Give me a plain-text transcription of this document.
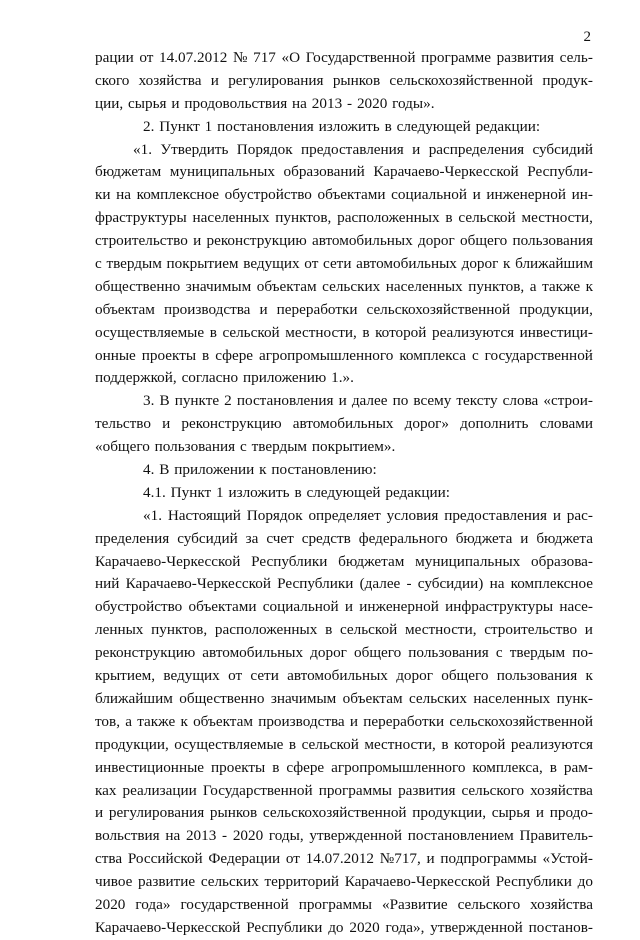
2
рации от 14.07.2012 № 717 «О Государственной программе развития сель-
ского хозяйства и регулирования рынков сельскохозяйственной продук-
ции, сырья и продовольствия на 2013 - 2020 годы».
2. Пункт 1 постановления изложить в следующей редакции:
«1. Утвердить Порядок предоставления и распределения субсидий
бюджетам муниципальных образований Карачаево-Черкесской Республи-
ки на комплексное обустройство объектами социальной и инженерной ин-
фраструктуры населенных пунктов, расположенных в сельской местности,
строительство и реконструкцию автомобильных дорог общего пользования
с твердым покрытием ведущих от сети автомобильных дорог к ближайшим
общественно значимым объектам сельских населенных пунктов, а также к
объектам производства и переработки сельскохозяйственной продукции,
осуществляемые в сельской местности, в которой реализуются инвестици-
онные проекты в сфере агропромышленного комплекса с государственной
поддержкой, согласно приложению 1.».
3. В пункте 2 постановления и далее по всему тексту слова «строи-
тельство и реконструкцию автомобильных дорог» дополнить словами
«общего пользования с твердым покрытием».
4. В приложении к постановлению:
4.1. Пункт 1 изложить в следующей редакции:
«1. Настоящий Порядок определяет условия предоставления и рас-
пределения субсидий за счет средств федерального бюджета и бюджета
Карачаево-Черкесской Республики бюджетам муниципальных образова-
ний Карачаево-Черкесской Республики (далее - субсидии) на комплексное
обустройство объектами социальной и инженерной инфраструктуры насе-
ленных пунктов, расположенных в сельской местности, строительство и
реконструкцию автомобильных дорог общего пользования с твердым по-
крытием, ведущих от сети автомобильных дорог общего пользования к
ближайшим общественно значимым объектам сельских населенных пунк-
тов, а также к объектам производства и переработки сельскохозяйственной
продукции, осуществляемые в сельской местности, в которой реализуются
инвестиционные проекты в сфере агропромышленного комплекса, в рам-
ках реализации Государственной программы развития сельского хозяйства
и регулирования рынков сельскохозяйственной продукции, сырья и продо-
вольствия на 2013 - 2020 годы, утвержденной постановлением Правитель-
ства Российской Федерации от 14.07.2012 №717, и подпрограммы «Устой-
чивое развитие сельских территорий Карачаево-Черкесской Республики до
2020 года» государственной программы «Развитие сельского хозяйства
Карачаево-Черкесской Республики до 2020 года», утвержденной постанов-
